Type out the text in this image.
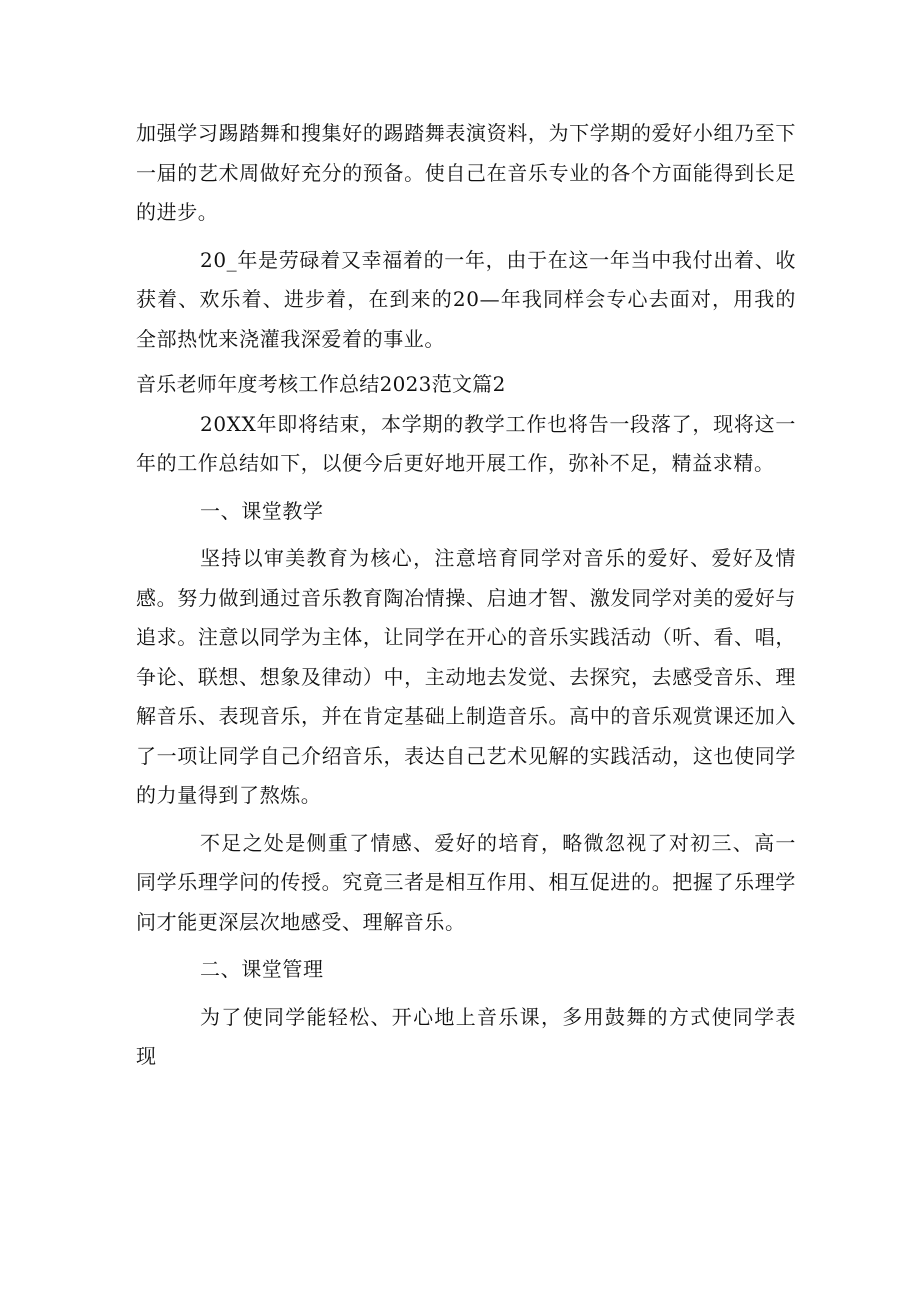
加强学习踢踏舞和搜集好的踢踏舞表演资料，为下学期的爱好小组乃至下一届的艺术周做好充分的预备。使自己在音乐专业的各个方面能得到长足的进步。

20_年是劳碌着又幸福着的一年，由于在这一年当中我付出着、收获着、欢乐着、进步着，在到来的20—年我同样会专心去面对，用我的全部热忱来浇灌我深爱着的事业。

音乐老师年度考核工作总结2023范文篇2

20XX年即将结束，本学期的教学工作也将告一段落了，现将这一年的工作总结如下，以便今后更好地开展工作，弥补不足，精益求精。

一、课堂教学

坚持以审美教育为核心，注意培育同学对音乐的爱好、爱好及情感。努力做到通过音乐教育陶冶情操、启迪才智、激发同学对美的爱好与追求。注意以同学为主体，让同学在开心的音乐实践活动（听、看、唱，争论、联想、想象及律动）中，主动地去发觉、去探究，去感受音乐、理解音乐、表现音乐，并在肯定基础上制造音乐。高中的音乐观赏课还加入了一项让同学自己介绍音乐，表达自己艺术见解的实践活动，这也使同学的力量得到了熬炼。

不足之处是侧重了情感、爱好的培育，略微忽视了对初三、高一同学乐理学问的传授。究竟三者是相互作用、相互促进的。把握了乐理学问才能更深层次地感受、理解音乐。

二、课堂管理

为了使同学能轻松、开心地上音乐课，多用鼓舞的方式使同学表现
